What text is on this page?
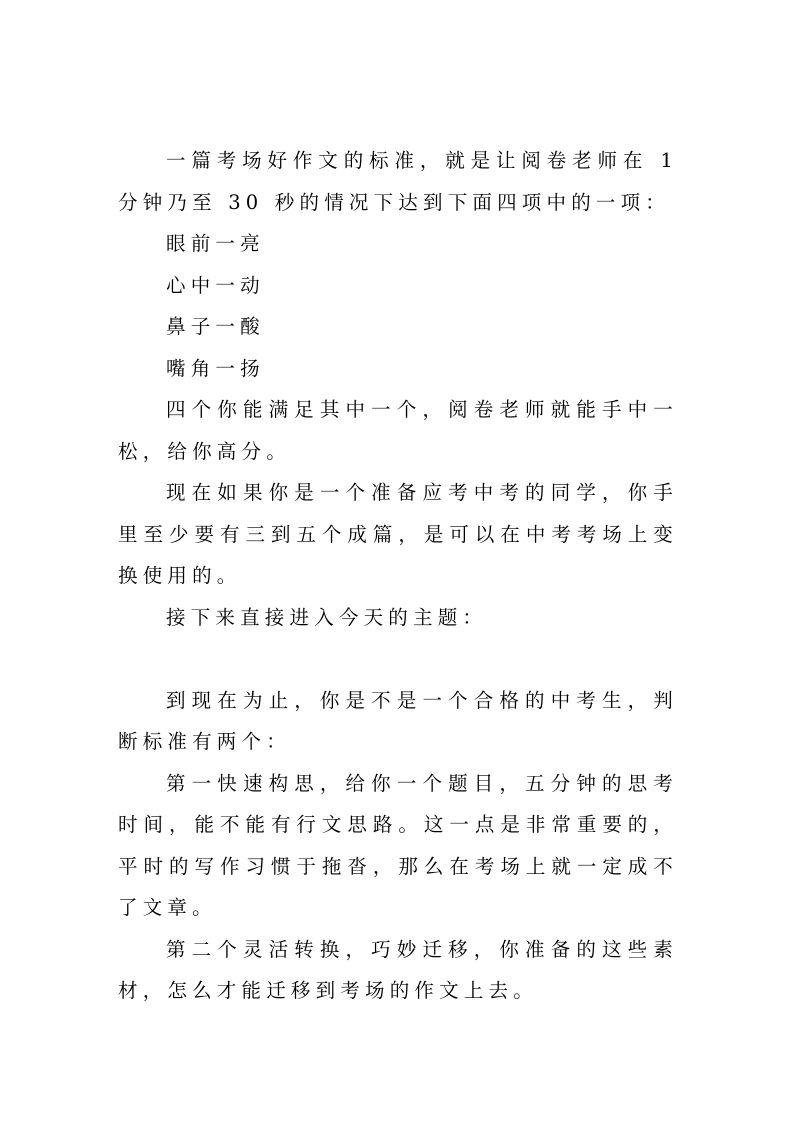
一篇考场好作文的标准，就是让阅卷老师在 1 分钟乃至 30 秒的情况下达到下面四项中的一项：

眼前一亮

心中一动

鼻子一酸

嘴角一扬

四个你能满足其中一个，阅卷老师就能手中一松，给你高分。

现在如果你是一个准备应考中考的同学，你手里至少要有三到五个成篇，是可以在中考考场上变换使用的。

接下来直接进入今天的主题：

到现在为止，你是不是一个合格的中考生，判断标准有两个：

第一快速构思，给你一个题目，五分钟的思考时间，能不能有行文思路。这一点是非常重要的，平时的写作习惯于拖沓，那么在考场上就一定成不了文章。

第二个灵活转换，巧妙迁移，你准备的这些素材，怎么才能迁移到考场的作文上去。
